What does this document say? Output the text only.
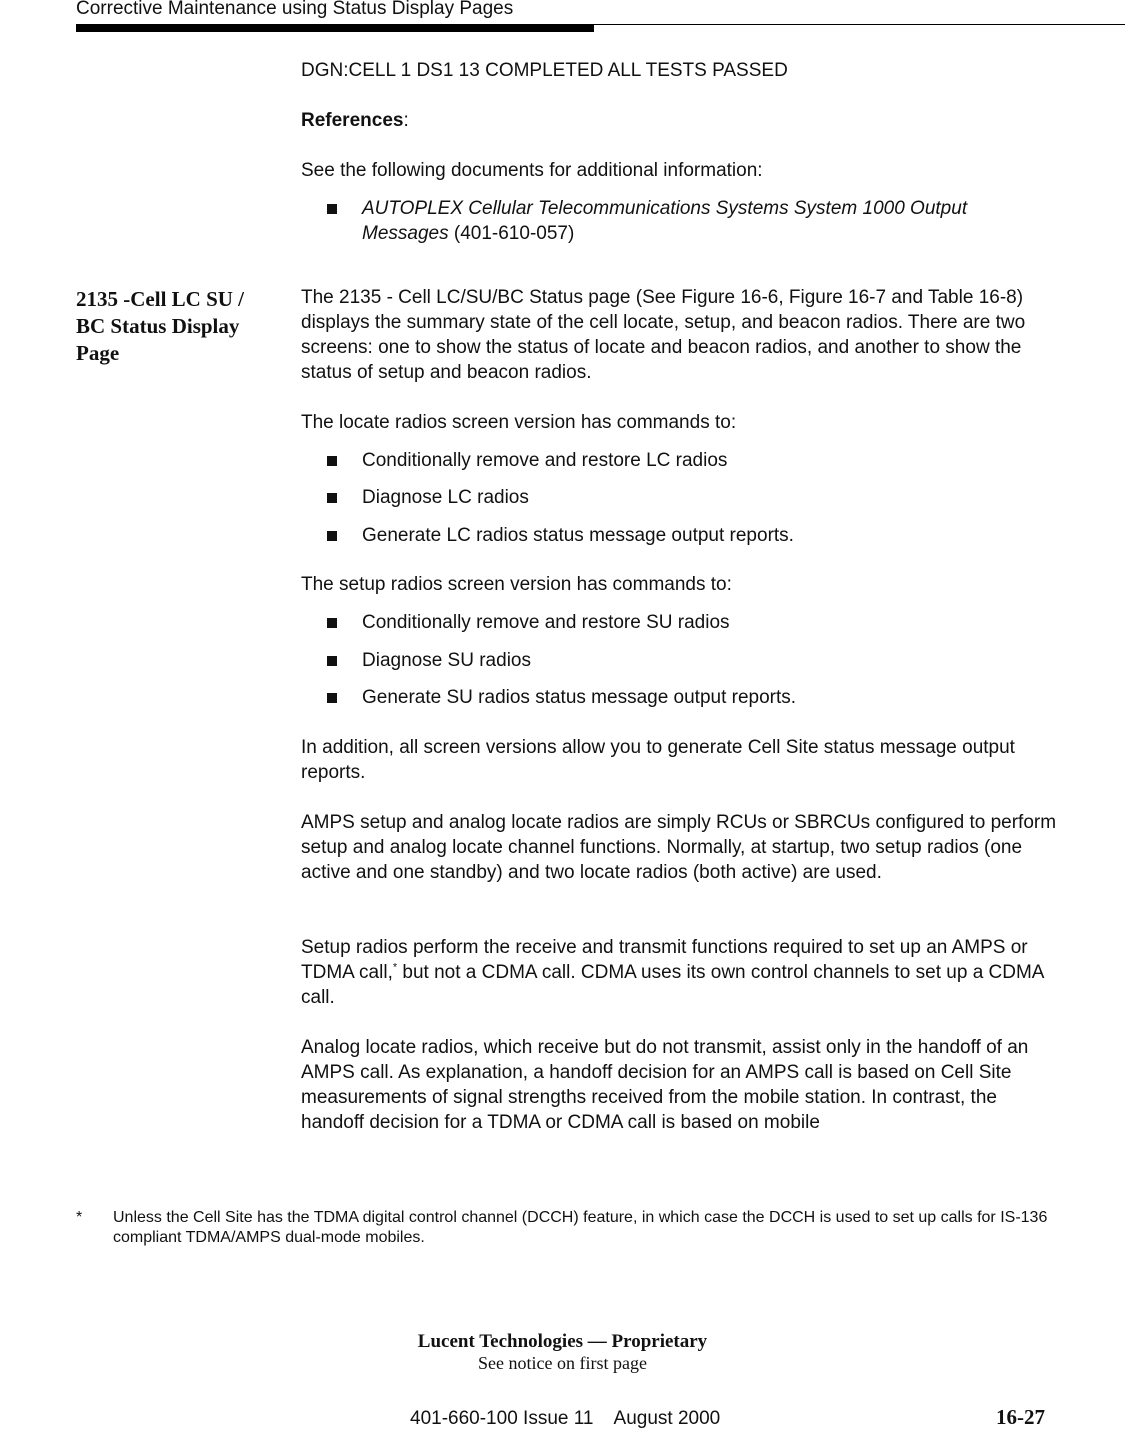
Corrective Maintenance using Status Display Pages
DGN:CELL 1 DS1 13 COMPLETED ALL TESTS PASSED
References:
See the following documents for additional information:
AUTOPLEX Cellular Telecommunications Systems System 1000 Output Messages (401-610-057)
2135 -Cell LC SU / BC Status Display Page
The 2135 - Cell LC/SU/BC Status page (See Figure 16-6, Figure 16-7 and Table 16-8) displays the summary state of the cell locate, setup, and beacon radios. There are two screens: one to show the status of locate and beacon radios, and another to show the status of setup and beacon radios.
The locate radios screen version has commands to:
Conditionally remove and restore LC radios
Diagnose LC radios
Generate LC radios status message output reports.
The setup radios screen version has commands to:
Conditionally remove and restore SU radios
Diagnose SU radios
Generate SU radios status message output reports.
In addition, all screen versions allow you to generate Cell Site status message output reports.
AMPS setup and analog locate radios are simply RCUs or SBRCUs configured to perform setup and analog locate channel functions. Normally, at startup, two setup radios (one active and one standby) and two locate radios (both active) are used.
Setup radios perform the receive and transmit functions required to set up an AMPS or TDMA call,* but not a CDMA call. CDMA uses its own control channels to set up a CDMA call.
Analog locate radios, which receive but do not transmit, assist only in the handoff of an AMPS call. As explanation, a handoff decision for an AMPS call is based on Cell Site measurements of signal strengths received from the mobile station. In contrast, the handoff decision for a TDMA or CDMA call is based on mobile
* Unless the Cell Site has the TDMA digital control channel (DCCH) feature, in which case the DCCH is used to set up calls for IS-136 compliant TDMA/AMPS dual-mode mobiles.
Lucent Technologies — Proprietary
See notice on first page
401-660-100 Issue 11    August 2000	16-27
